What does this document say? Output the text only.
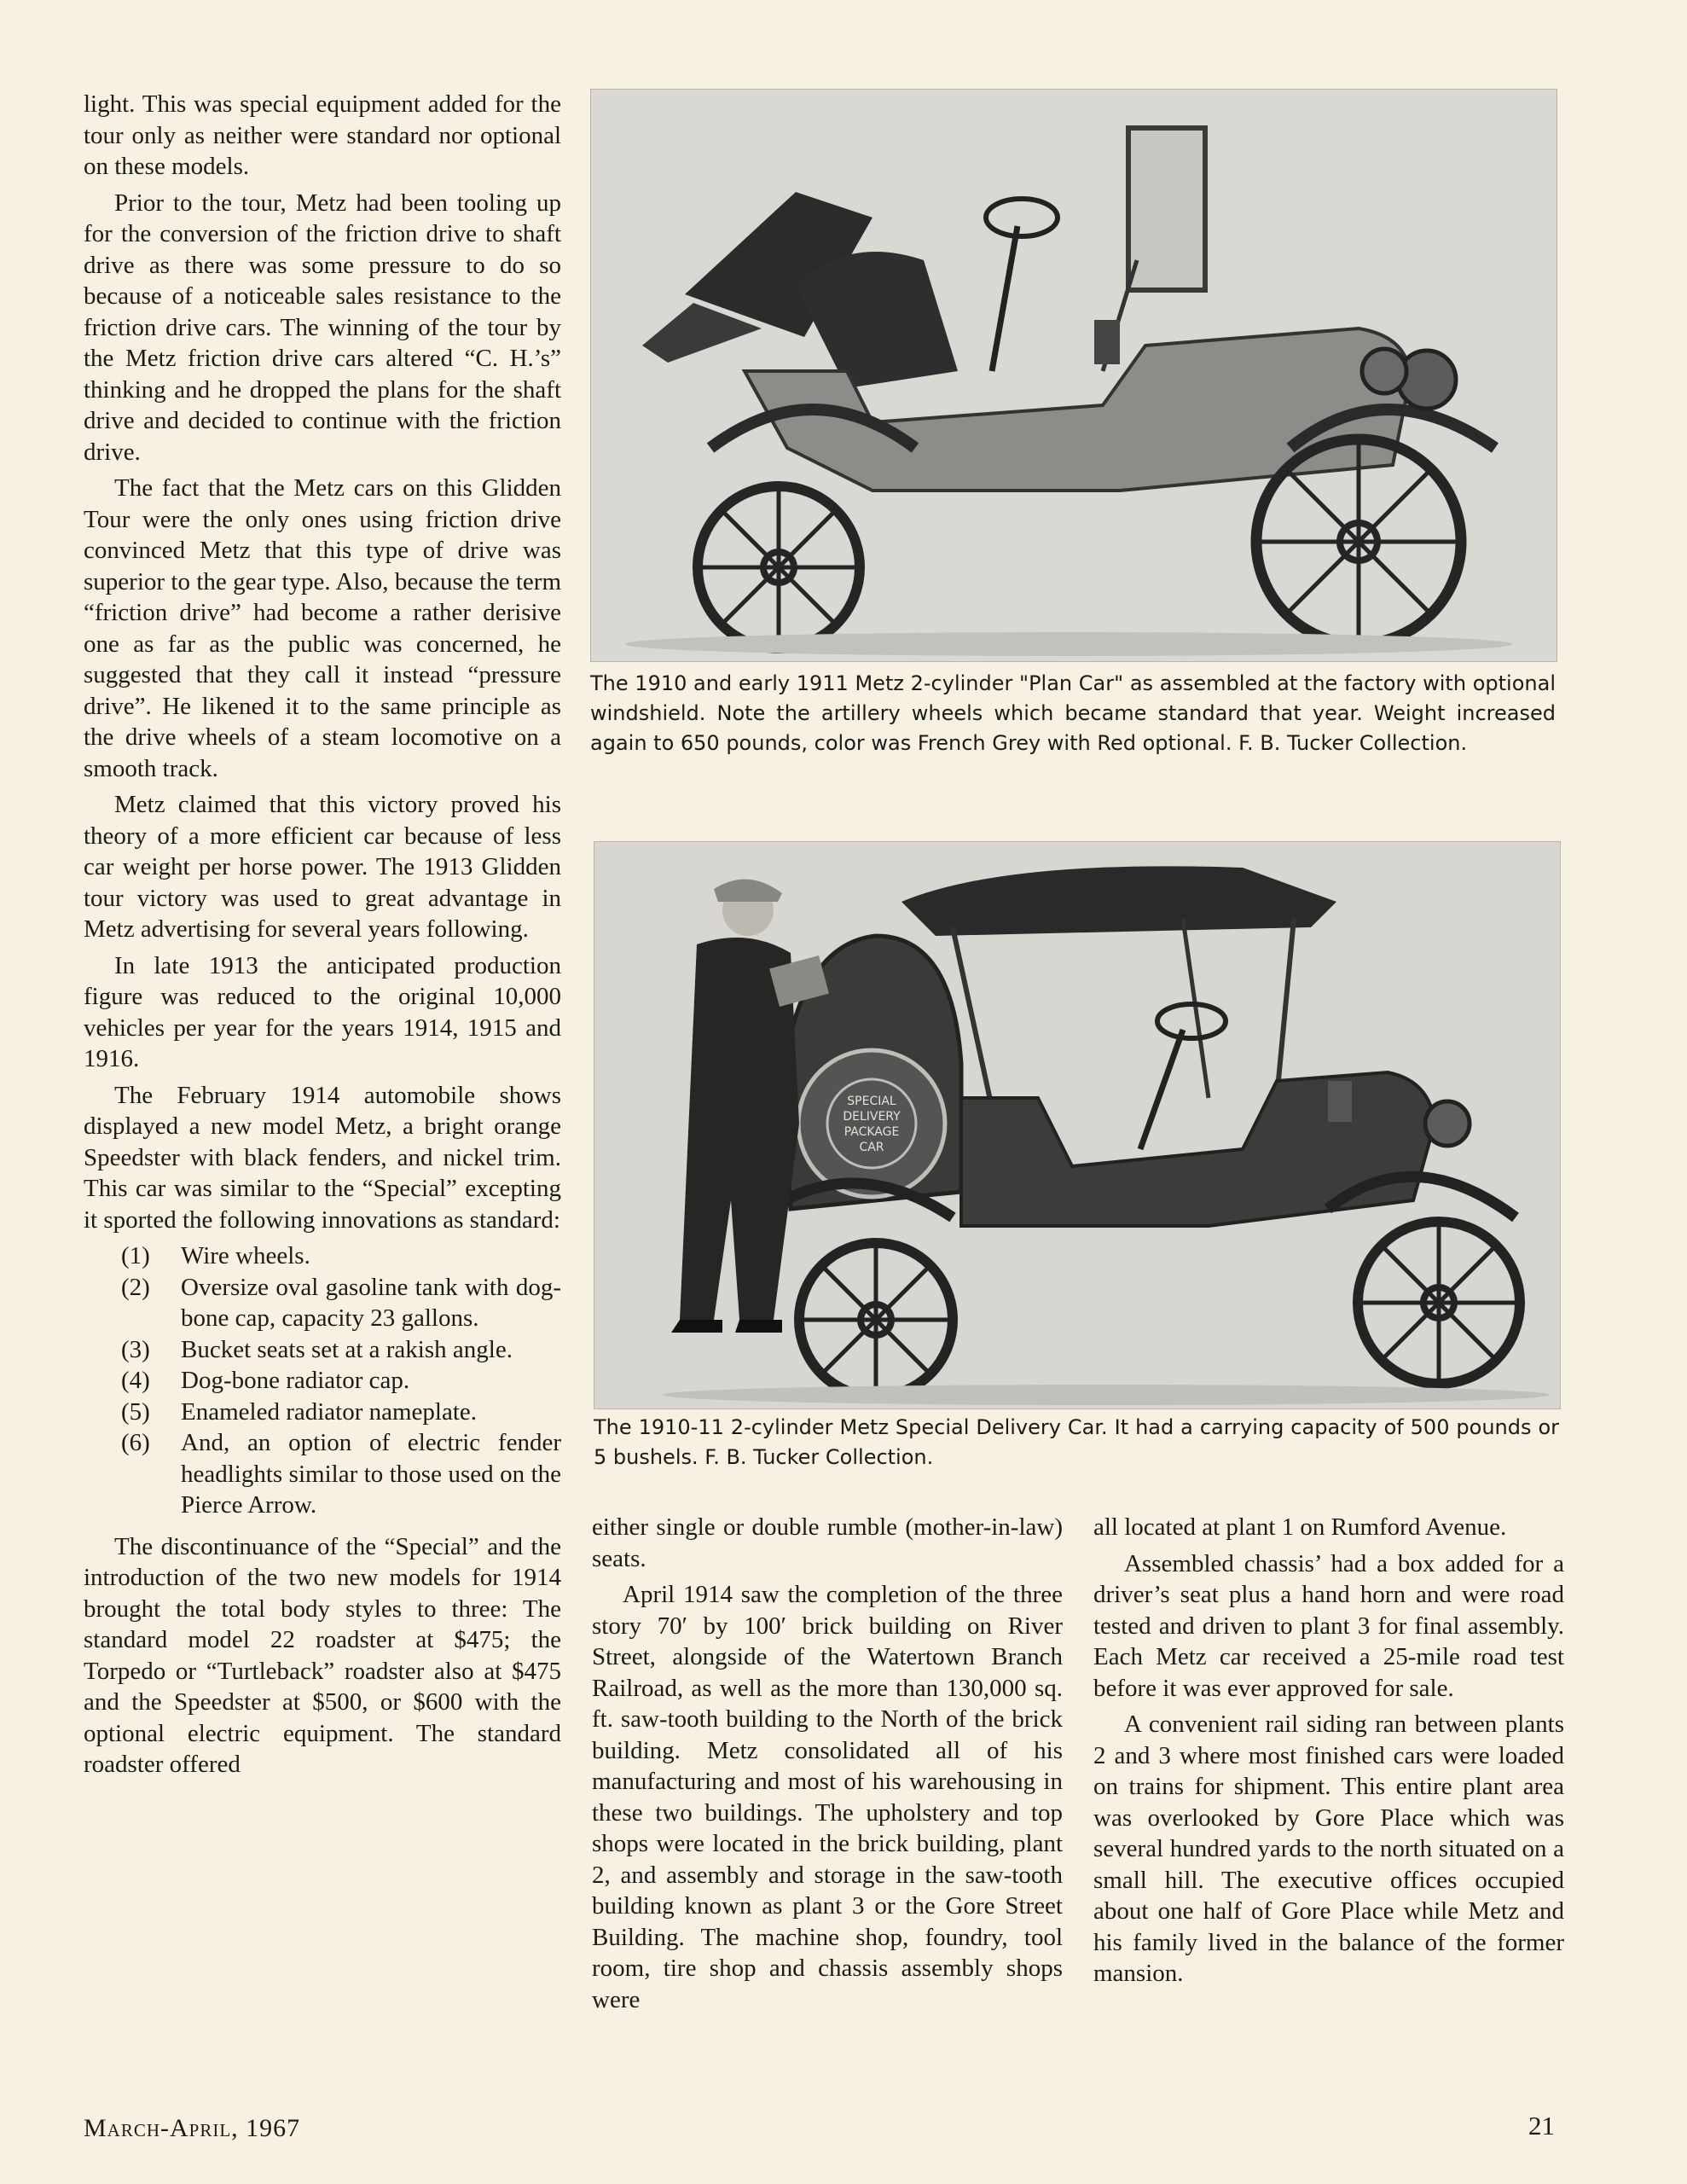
light. This was special equipment added for the tour only as neither were standard nor optional on these models.

Prior to the tour, Metz had been tooling up for the conversion of the friction drive to shaft drive as there was some pressure to do so because of a noticeable sales resistance to the friction drive cars. The winning of the tour by the Metz friction drive cars altered “C. H.’s” thinking and he dropped the plans for the shaft drive and decided to continue with the friction drive.

The fact that the Metz cars on this Glidden Tour were the only ones using friction drive convinced Metz that this type of drive was superior to the gear type. Also, because the term “friction drive” had become a rather derisive one as far as the public was concerned, he suggested that they call it instead “pressure drive”. He likened it to the same principle as the drive wheels of a steam locomotive on a smooth track.

Metz claimed that this victory proved his theory of a more efficient car because of less car weight per horse power. The 1913 Glidden tour victory was used to great advantage in Metz advertising for several years following.

In late 1913 the anticipated production figure was reduced to the original 10,000 vehicles per year for the years 1914, 1915 and 1916.

The February 1914 automobile shows displayed a new model Metz, a bright orange Speedster with black fenders, and nickel trim. This car was similar to the “Special” excepting it sported the following innovations as standard:

(1) Wire wheels.
(2) Oversize oval gasoline tank with dog-bone cap, capacity 23 gallons.
(3) Bucket seats set at a rakish angle.
(4) Dog-bone radiator cap.
(5) Enameled radiator nameplate.
(6) And, an option of electric fender headlights similar to those used on the Pierce Arrow.

The discontinuance of the “Special” and the introduction of the two new models for 1914 brought the total body styles to three: The standard model 22 roadster at $475; the Torpedo or “Turtleback” roadster also at $475 and the Speedster at $500, or $600 with the optional electric equipment. The standard roadster offered

The 1910 and early 1911 Metz 2-cylinder "Plan Car" as assembled at the factory with optional windshield. Note the artillery wheels which became standard that year. Weight increased again to 650 pounds, color was French Grey with Red optional. F. B. Tucker Collection.
SPECIAL
DELIVERY
PACKAGE
CAR
The 1910-11 2-cylinder Metz Special Delivery Car. It had a carrying capacity of 500 pounds or 5 bushels. F. B. Tucker Collection.

either single or double rumble (mother-in-law) seats.

April 1914 saw the completion of the three story 70′ by 100′ brick building on River Street, alongside of the Watertown Branch Railroad, as well as the more than 130,000 sq. ft. saw-tooth building to the North of the brick building. Metz consolidated all of his manufacturing and most of his warehousing in these two buildings. The upholstery and top shops were located in the brick building, plant 2, and assembly and storage in the saw-tooth building known as plant 3 or the Gore Street Building. The machine shop, foundry, tool room, tire shop and chassis assembly shops were

all located at plant 1 on Rumford Avenue.

Assembled chassis’ had a box added for a driver’s seat plus a hand horn and were road tested and driven to plant 3 for final assembly. Each Metz car received a 25-mile road test before it was ever approved for sale.

A convenient rail siding ran between plants 2 and 3 where most finished cars were loaded on trains for shipment. This entire plant area was overlooked by Gore Place which was several hundred yards to the north situated on a small hill. The executive offices occupied about one half of Gore Place while Metz and his family lived in the balance of the former mansion.

March-April, 1967	21
